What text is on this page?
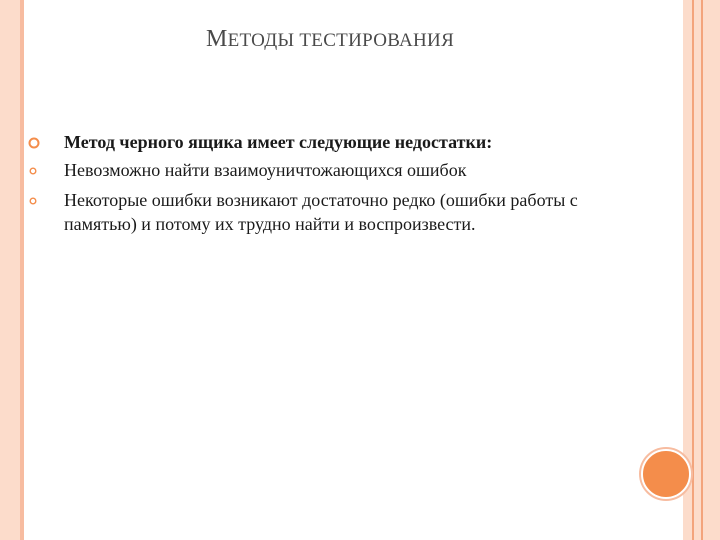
МЕТОДЫ ТЕСТИРОВАНИЯ
Метод черного ящика имеет следующие недостатки:
Невозможно найти взаимоуничтожающихся ошибок
Некоторые ошибки возникают достаточно редко (ошибки работы с памятью) и потому их трудно найти и воспроизвести.
